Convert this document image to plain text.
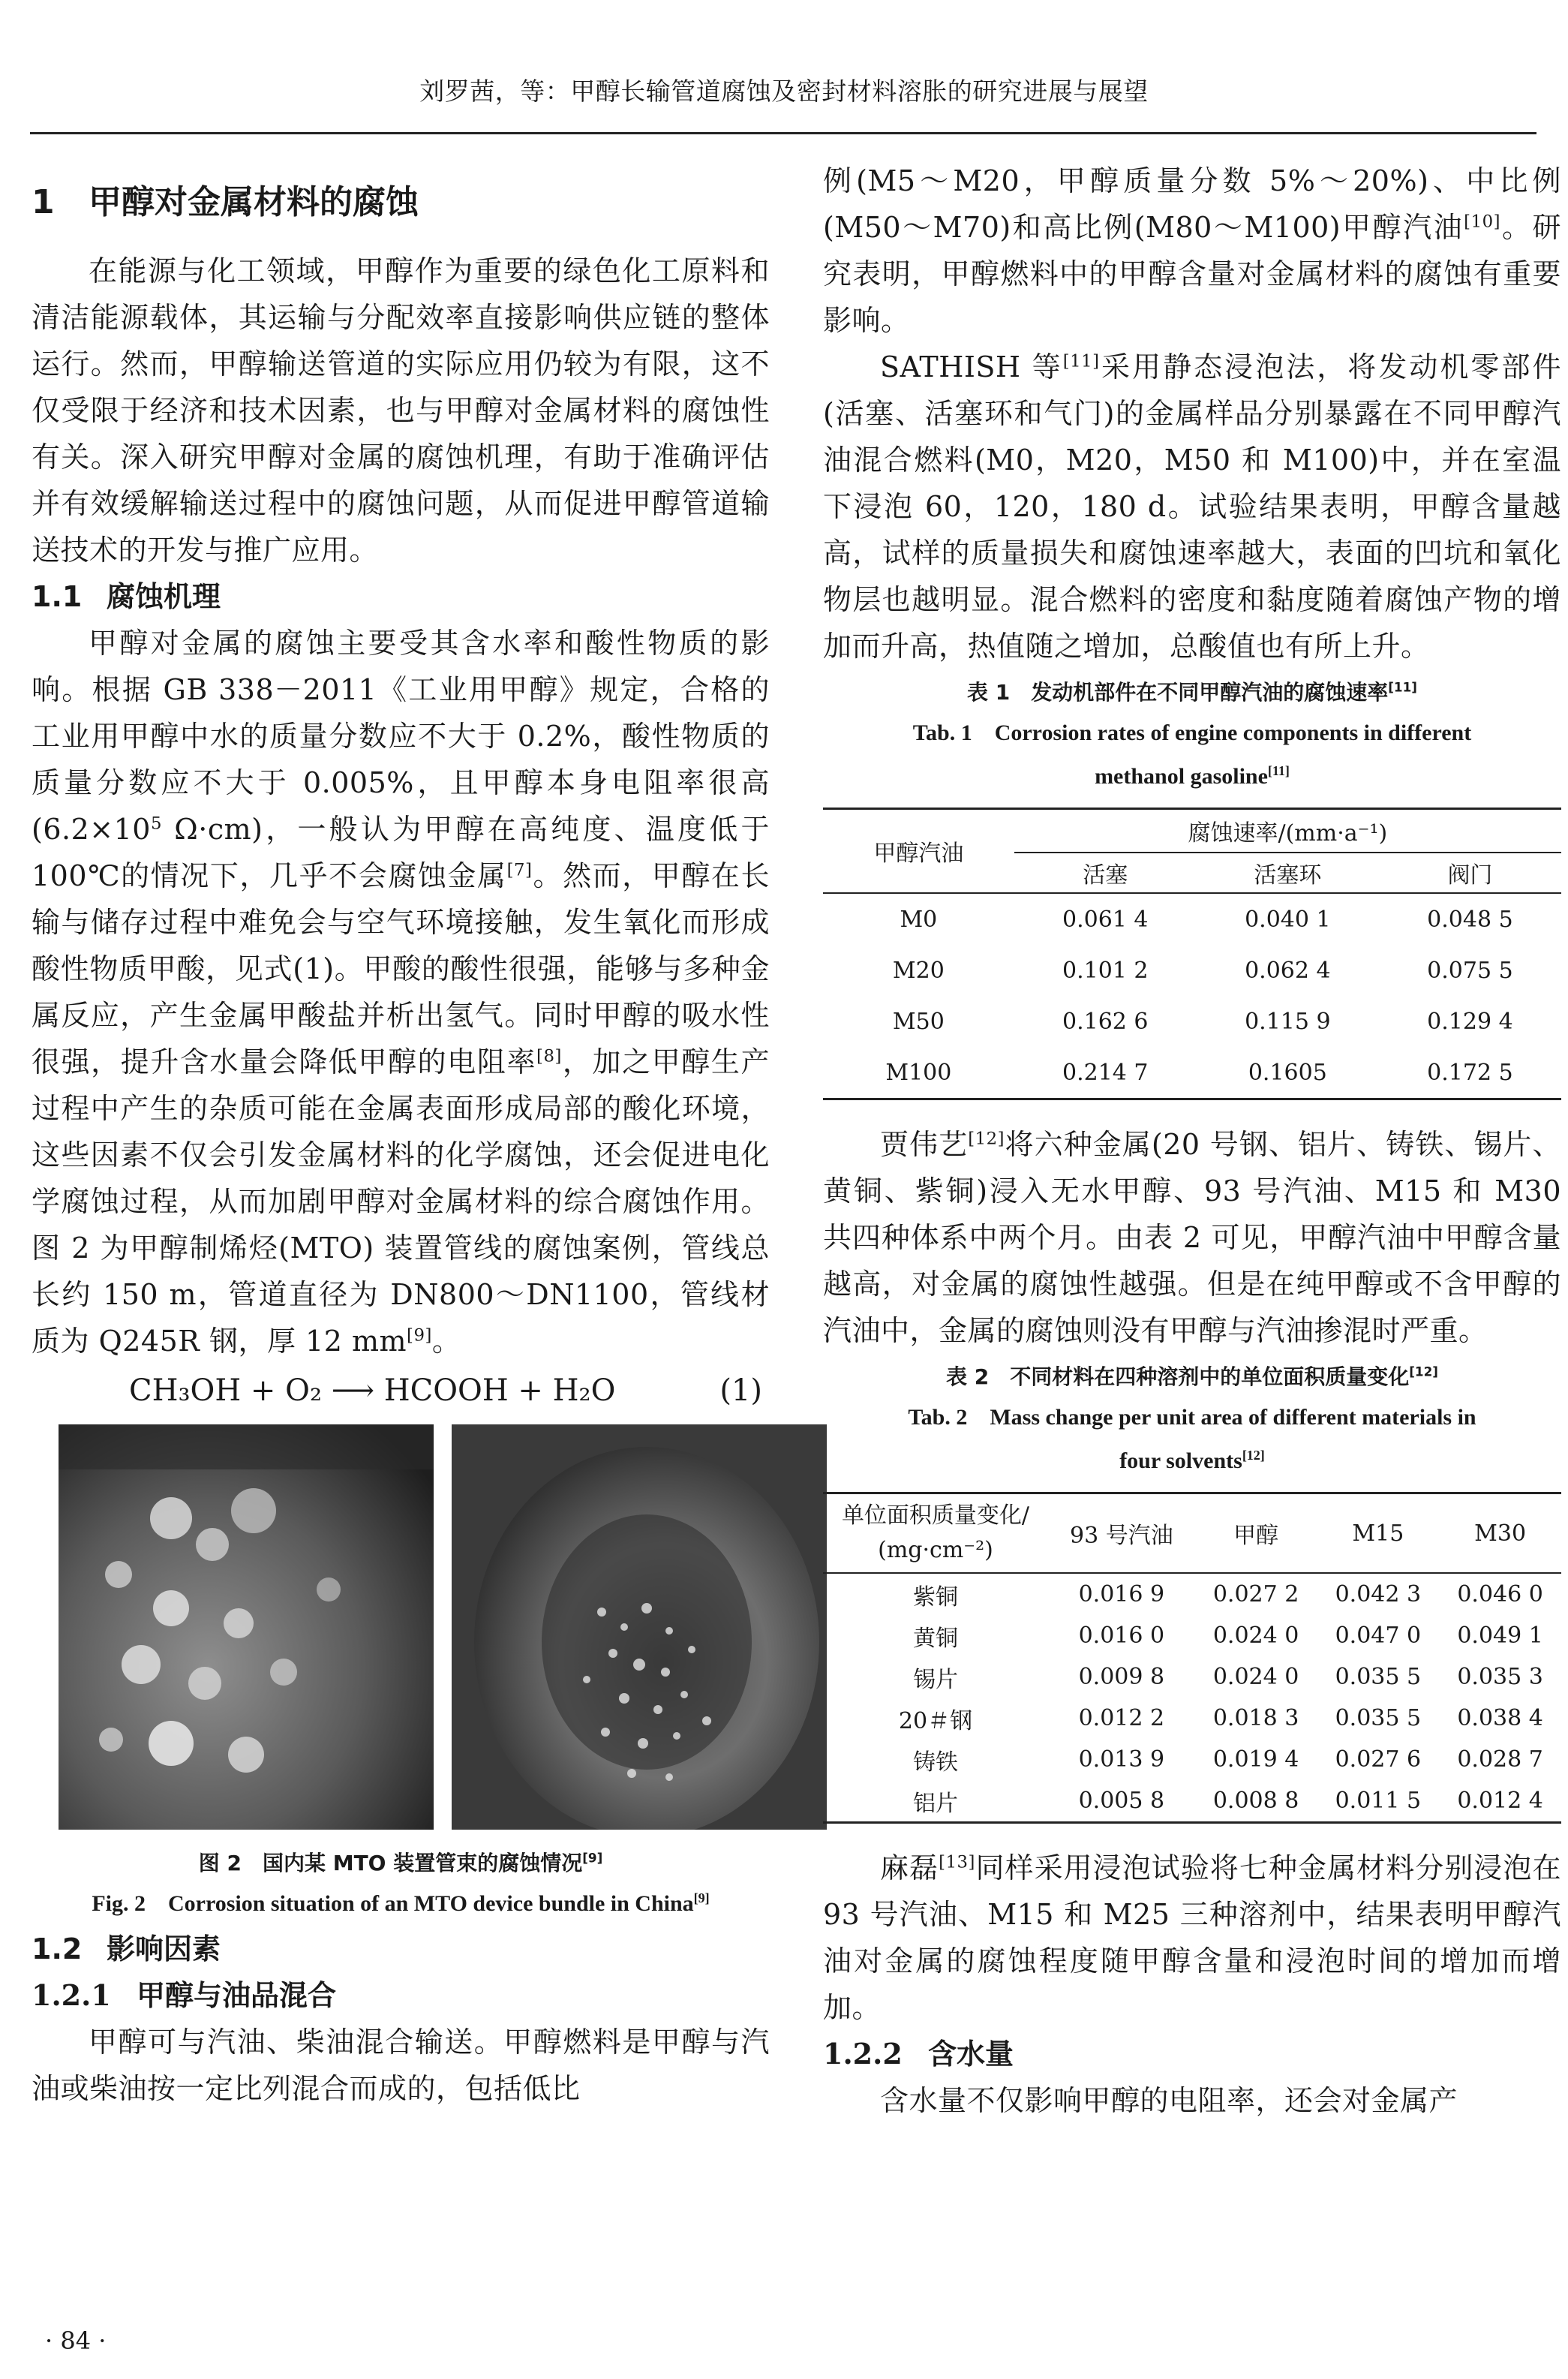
刘罗茜，等：甲醇长输管道腐蚀及密封材料溶胀的研究进展与展望
1 甲醇对金属材料的腐蚀

在能源与化工领域，甲醇作为重要的绿色化工原料和清洁能源载体，其运输与分配效率直接影响供应链的整体运行。然而，甲醇输送管道的实际应用仍较为有限，这不仅受限于经济和技术因素，也与甲醇对金属材料的腐蚀性有关。深入研究甲醇对金属的腐蚀机理，有助于准确评估并有效缓解输送过程中的腐蚀问题，从而促进甲醇管道输送技术的开发与推广应用。

1.1 腐蚀机理

甲醇对金属的腐蚀主要受其含水率和酸性物质的影响。根据 GB 338－2011《工业用甲醇》规定，合格的工业用甲醇中水的质量分数应不大于 0.2%，酸性物质的质量分数应不大于 0.005%，且甲醇本身电阻率很高($6.2\times 10^5$ Ω·cm)，一般认为甲醇在高纯度、温度低于 100℃的情况下，几乎不会腐蚀金属[7]。然而，甲醇在长输与储存过程中难免会与空气环境接触，发生氧化而形成酸性物质甲酸，见式(1)。甲酸的酸性很强，能够与多种金属反应，产生金属甲酸盐并析出氢气。同时甲醇的吸水性很强，提升含水量会降低甲醇的电阻率[8]，加之甲醇生产过程中产生的杂质可能在金属表面形成局部的酸化环境，这些因素不仅会引发金属材料的化学腐蚀，还会促进电化学腐蚀过程，从而加剧甲醇对金属材料的综合腐蚀作用。图 2 为甲醇制烯烃(MTO) 装置管线的腐蚀案例，管线总长约 150 m，管道直径为 DN800～DN1100，管线材质为 Q245R 钢，厚 12 mm[9]。

CH₃OH + O₂ ⟶ HCOOH + H₂O	(1)

图 2　国内某 MTO 装置管束的腐蚀情况[9]

Fig. 2　Corrosion situation of an MTO device bundle in China[9]

1.2 影响因素
1.2.1 甲醇与油品混合

甲醇可与汽油、柴油混合输送。甲醇燃料是甲醇与汽油或柴油按一定比列混合而成的，包括低比

例(M5～M20，甲醇质量分数 5%～20%)、中比例(M50～M70)和高比例(M80～M100)甲醇汽油[10]。研究表明，甲醇燃料中的甲醇含量对金属材料的腐蚀有重要影响。

SATHISH 等[11]采用静态浸泡法，将发动机零部件(活塞、活塞环和气门)的金属样品分别暴露在不同甲醇汽油混合燃料(M0，M20，M50 和 M100)中，并在室温下浸泡 60，120，180 d。试验结果表明，甲醇含量越高，试样的质量损失和腐蚀速率越大，表面的凹坑和氧化物层也越明显。混合燃料的密度和黏度随着腐蚀产物的增加而升高，热值随之增加，总酸值也有所上升。

表 1　发动机部件在不同甲醇汽油的腐蚀速率[11]

Tab. 1　Corrosion rates of engine components in different
methanol gasoline[11]

甲醇汽油	腐蚀速率/(mm·a⁻¹)		
	活塞	活塞环	阀门
M0	0.061 4	0.040 1	0.048 5
M20	0.101 2	0.062 4	0.075 5
M50	0.162 6	0.115 9	0.129 4
M100	0.214 7	0.1605	0.172 5

贾伟艺[12]将六种金属(20 号钢、铝片、铸铁、锡片、黄铜、紫铜)浸入无水甲醇、93 号汽油、M15 和 M30 共四种体系中两个月。由表 2 可见，甲醇汽油中甲醇含量越高，对金属的腐蚀性越强。但是在纯甲醇或不含甲醇的汽油中，金属的腐蚀则没有甲醇与汽油掺混时严重。

表 2　不同材料在四种溶剂中的单位面积质量变化[12]

Tab. 2　Mass change per unit area of different materials in
four solvents[12]

单位面积质量变化/
(mg·cm⁻²)	93 号汽油	甲醇	M15	M30
紫铜	0.016 9	0.027 2	0.042 3	0.046 0
黄铜	0.016 0	0.024 0	0.047 0	0.049 1
锡片	0.009 8	0.024 0	0.035 5	0.035 3
20＃钢	0.012 2	0.018 3	0.035 5	0.038 4
铸铁	0.013 9	0.019 4	0.027 6	0.028 7
铝片	0.005 8	0.008 8	0.011 5	0.012 4

麻磊[13]同样采用浸泡试验将七种金属材料分别浸泡在 93 号汽油、M15 和 M25 三种溶剂中，结果表明甲醇汽油对金属的腐蚀程度随甲醇含量和浸泡时间的增加而增加。

1.2.2 含水量

含水量不仅影响甲醇的电阻率，还会对金属产

· 84 ·
